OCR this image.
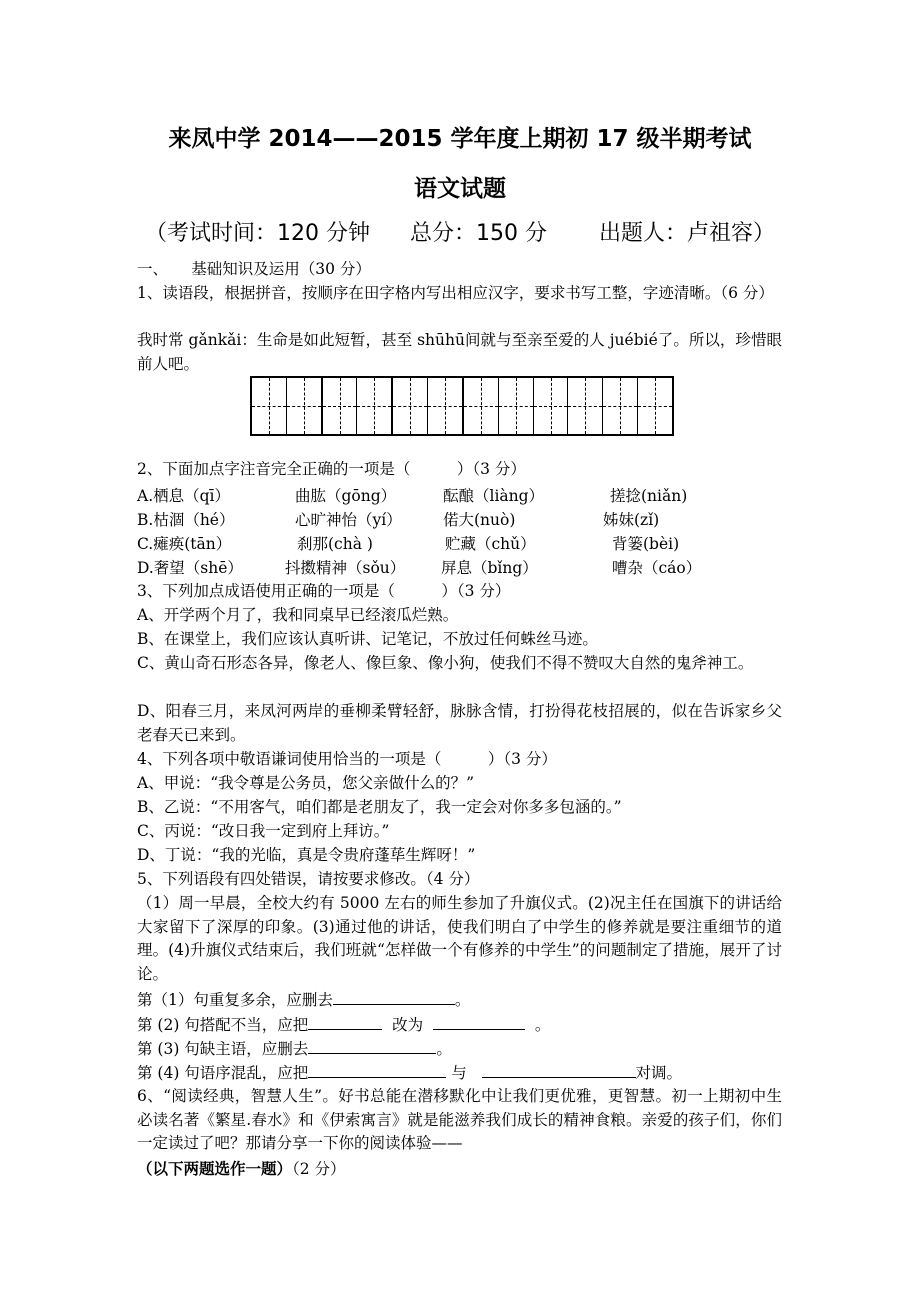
来凤中学 2014——2015 学年度上期初 17 级半期考试
语文试题
（考试时间：120 分钟 总分：150 分 出题人：卢祖容）
一、　　基础知识及运用（30 分）
1、读语段，根据拼音，按顺序在田字格内写出相应汉字，要求书写工整，字迹清晰。（6 分）
我时常 gǎnkǎi：生命是如此短暂，甚至 shūhū间就与至亲至爱的人 juébié了。所以，珍惜眼前人吧。
2、下面加点字注音完全正确的一项是（　　　）（3 分）
A.栖息（qī）	曲肱（gōng）	酝酿（liàng）	搓捻(niǎn)
B.枯涸（hé）	心旷神怡（yí）	偌大(nuò)	姊妹(zǐ)
C.瘫痪(tān）	刹那(chà )	贮藏（chǔ）	背篓(bèi)
D.奢望（shē）	抖擞精神（sǒu） 屏息（bǐng）	嘈杂（cáo）
3、下列加点成语使用正确的一项是（　　　）（3 分）
A、开学两个月了，我和同桌早已经滚瓜烂熟。
B、在课堂上，我们应该认真听讲、记笔记，不放过任何蛛丝马迹。
C、黄山奇石形态各异，像老人、像巨象、像小狗，使我们不得不赞叹大自然的鬼斧神工。
D、阳春三月，来凤河两岸的垂柳柔臂轻舒，脉脉含情，打扮得花枝招展的，似在告诉家乡父老春天已来到。
4、下列各项中敬语谦词使用恰当的一项是（　　　）（3 分）
A、甲说：“我令尊是公务员，您父亲做什么的？”
B、乙说：“不用客气，咱们都是老朋友了，我一定会对你多多包涵的。”
C、丙说：“改日我一定到府上拜访。”
D、丁说：“我的光临，真是令贵府蓬荜生辉呀！”
5、下列语段有四处错误，请按要求修改。（4 分）
（1）周一早晨，全校大约有 5000 左右的师生参加了升旗仪式。(2)况主任在国旗下的讲话给大家留下了深厚的印象。(3)通过他的讲话，使我们明白了中学生的修养就是要注重细节的道理。(4)升旗仪式结束后，我们班就“怎样做一个有修养的中学生”的问题制定了措施，展开了讨论。
第（1）句重复多余，应删去	。
第 (2) 句搭配不当，应把	改为	。
第 (3) 句缺主语，应删去	。
第 (4) 句语序混乱，应把	与	对调。
6、“阅读经典，智慧人生”。好书总能在潜移默化中让我们更优雅，更智慧。初一上期初中生必读名著《繁星.春水》和《伊索寓言》就是能滋养我们成长的精神食粮。亲爱的孩子们，你们一定读过了吧？那请分享一下你的阅读体验——
（以下两题选作一题）（2 分）
